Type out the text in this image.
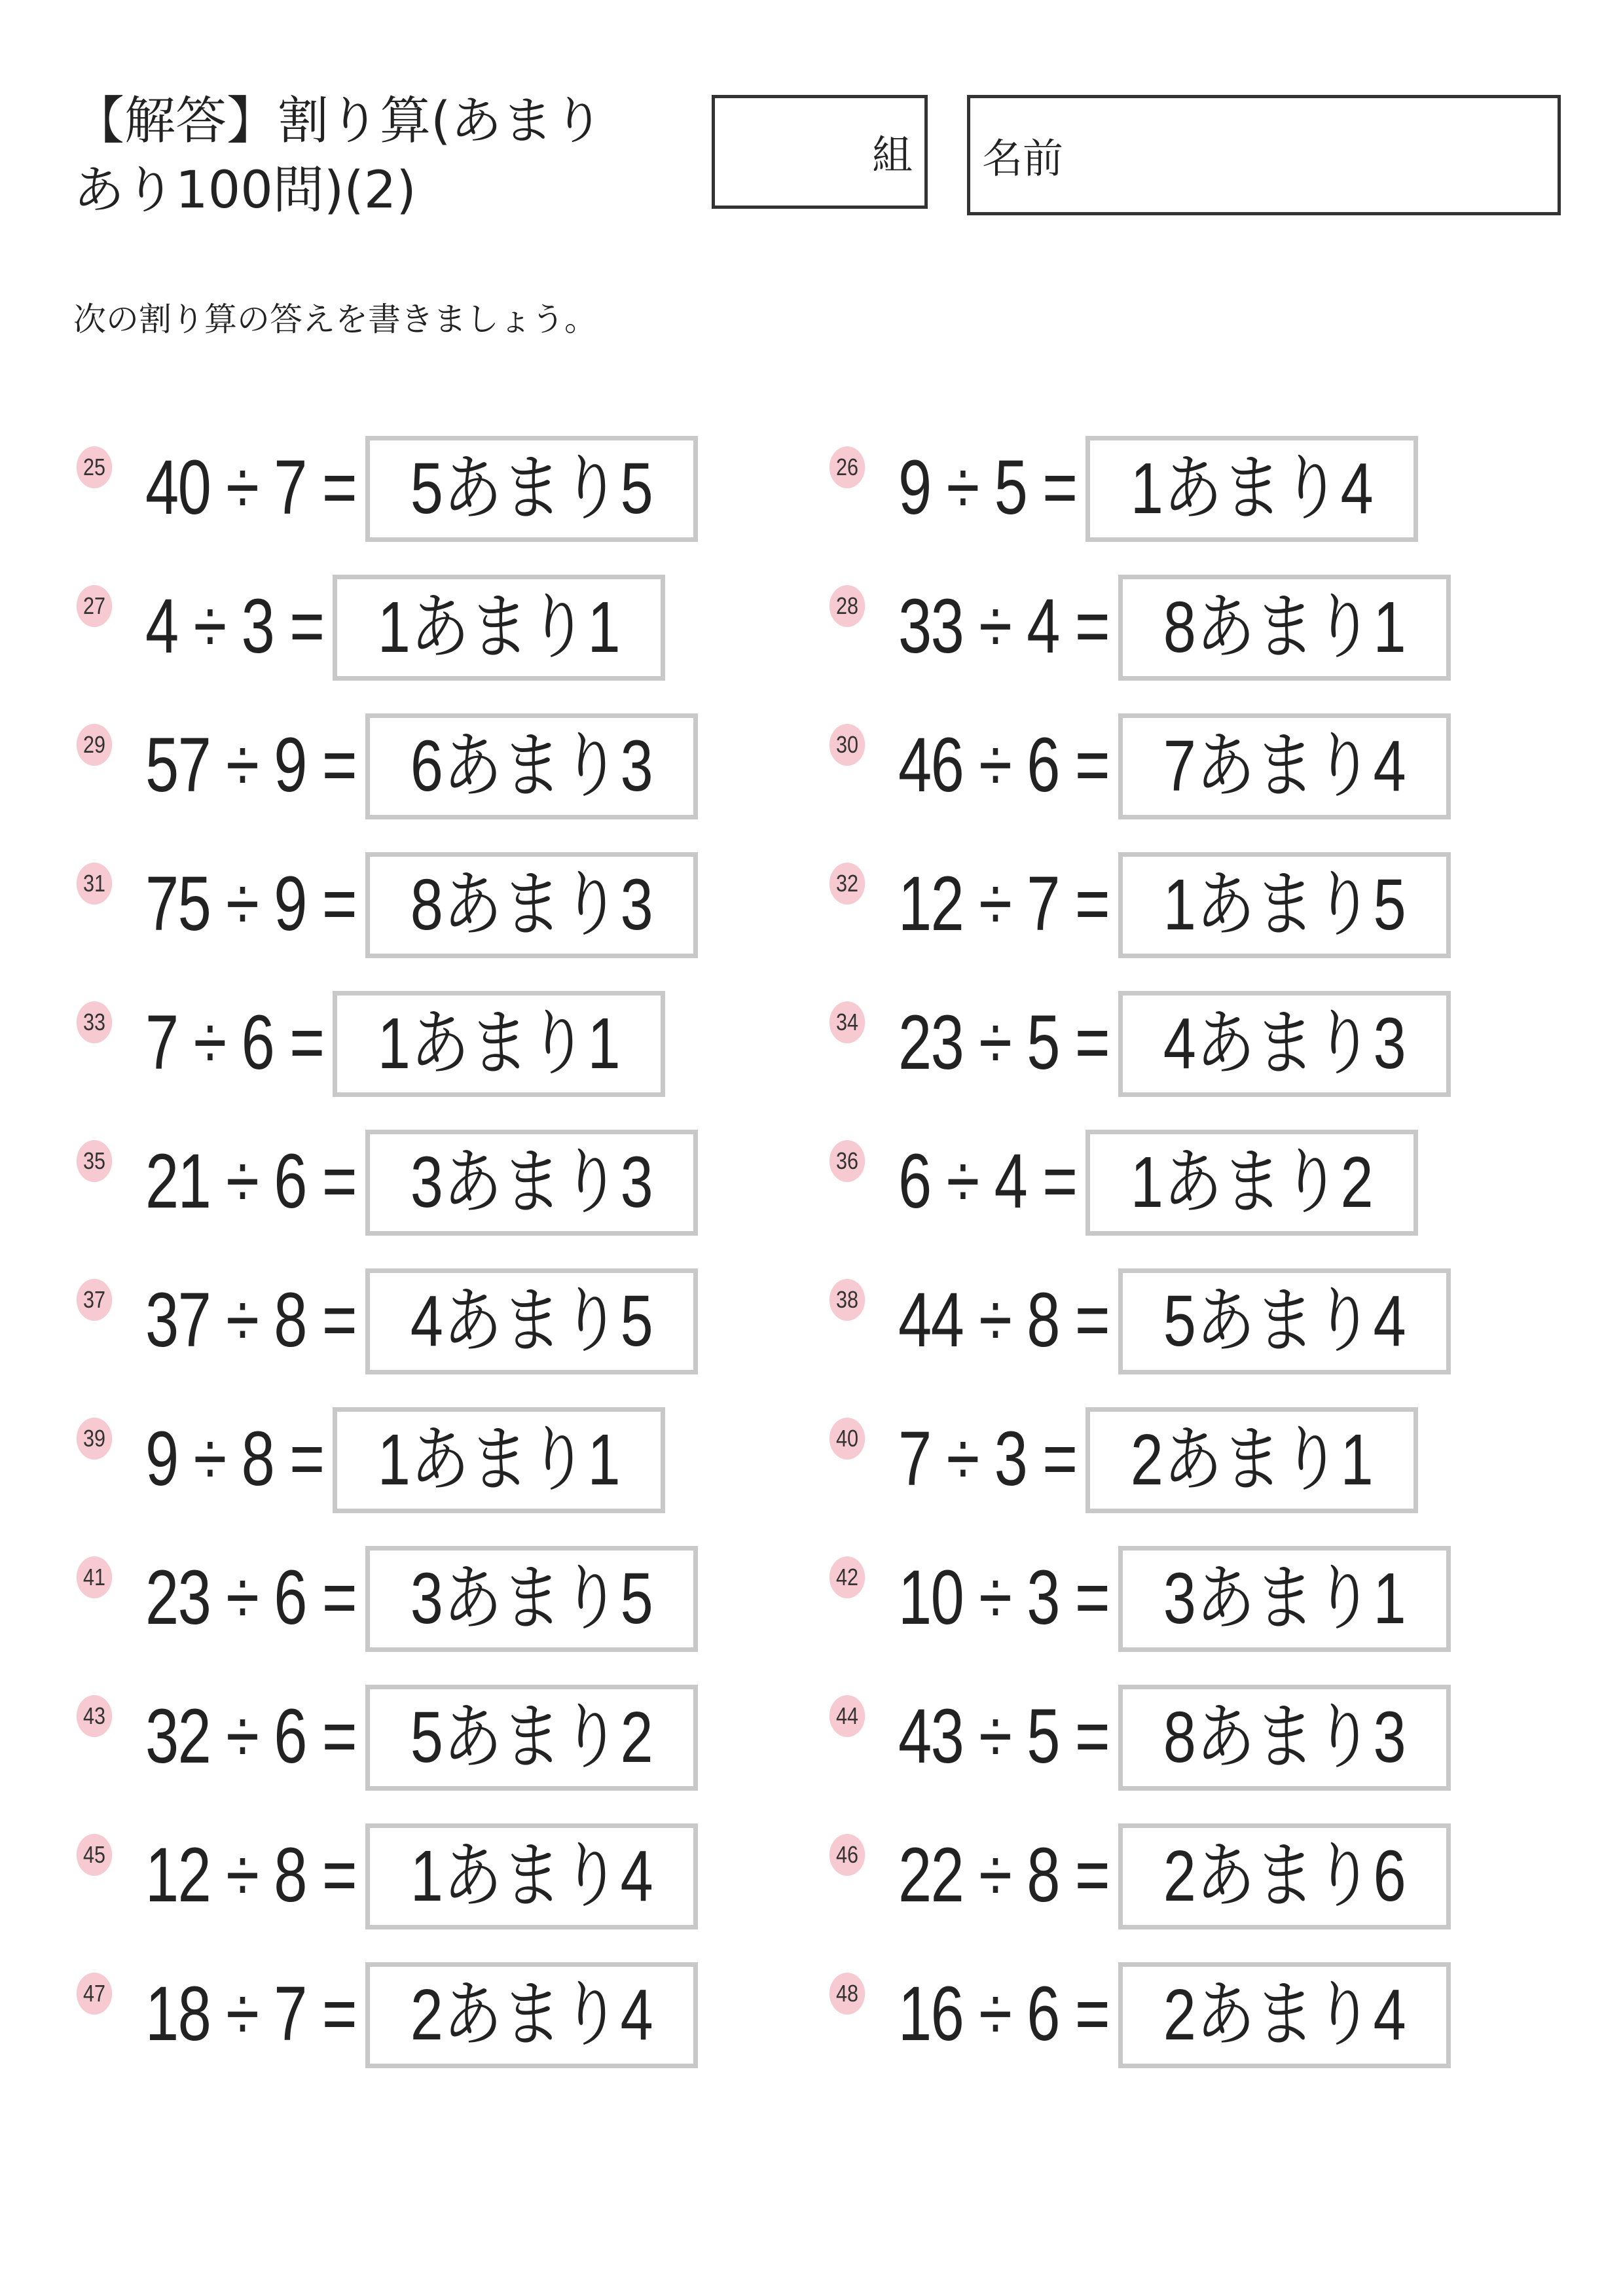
【解答】割り算(あまり
あり100問)(2)
組 名前
次の割り算の答えを書きましょう。
25 40 ÷ 7 = 5あまり5	26 9 ÷ 5 = 1あまり4
27 4 ÷ 3 = 1あまり1	28 33 ÷ 4 = 8あまり1
29 57 ÷ 9 = 6あまり3	30 46 ÷ 6 = 7あまり4
31 75 ÷ 9 = 8あまり3	32 12 ÷ 7 = 1あまり5
33 7 ÷ 6 = 1あまり1	34 23 ÷ 5 = 4あまり3
35 21 ÷ 6 = 3あまり3	36 6 ÷ 4 = 1あまり2
37 37 ÷ 8 = 4あまり5	38 44 ÷ 8 = 5あまり4
39 9 ÷ 8 = 1あまり1	40 7 ÷ 3 = 2あまり1
41 23 ÷ 6 = 3あまり5	42 10 ÷ 3 = 3あまり1
43 32 ÷ 6 = 5あまり2	44 43 ÷ 5 = 8あまり3
45 12 ÷ 8 = 1あまり4	46 22 ÷ 8 = 2あまり6
47 18 ÷ 7 = 2あまり4	48 16 ÷ 6 = 2あまり4
